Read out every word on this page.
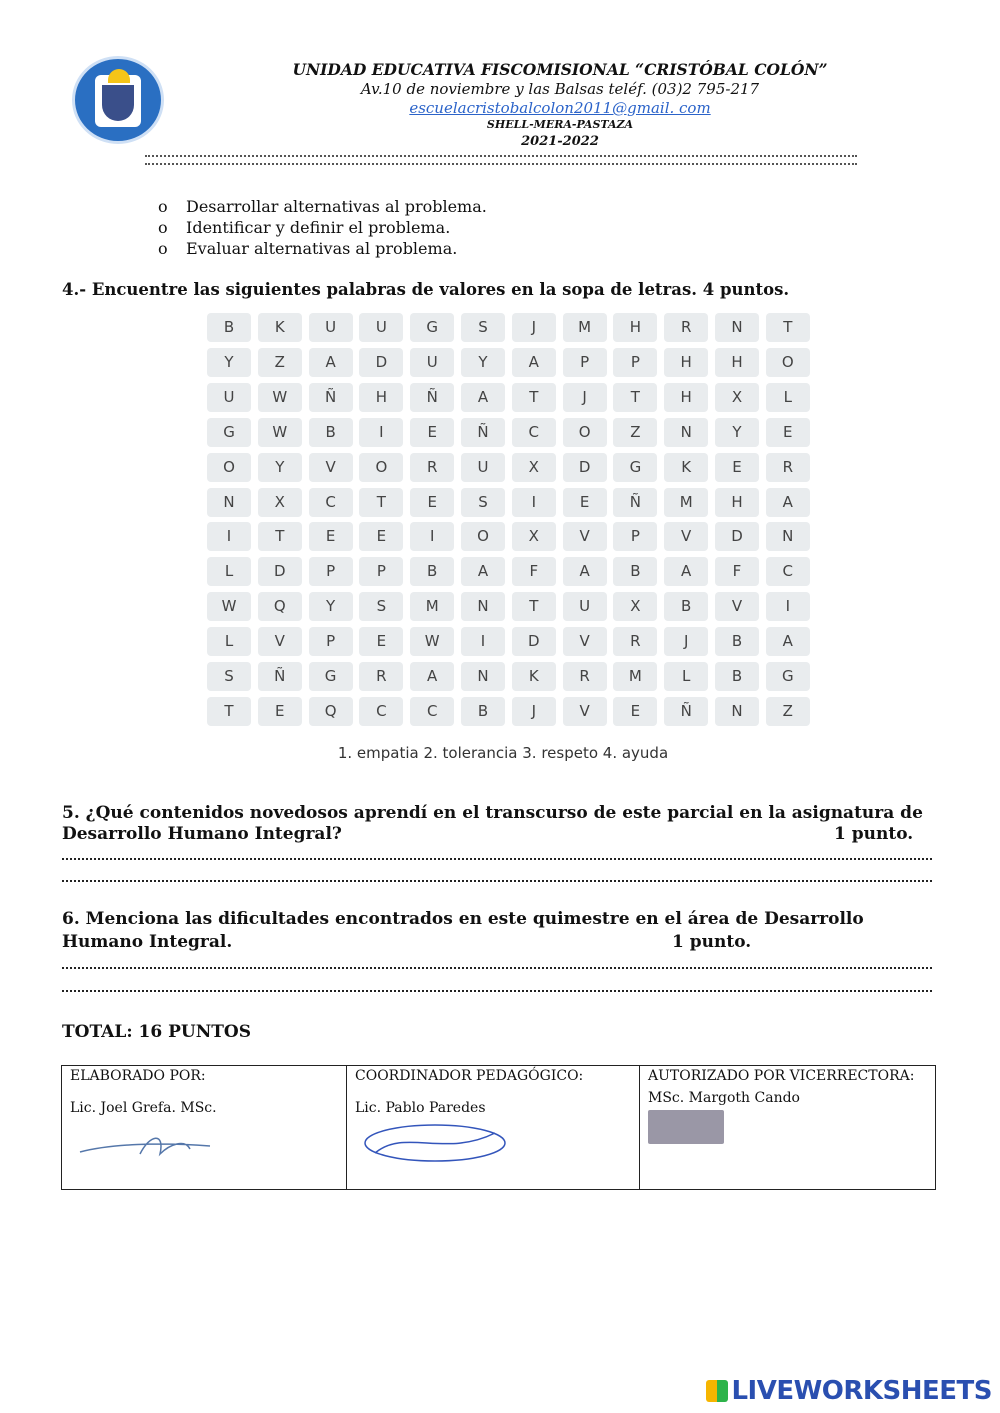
UNIDAD EDUCATIVA FISCOMISIONAL “CRISTÓBAL COLÓN”
Av.10 de noviembre y las Balsas teléf. (03)2 795-217
escuelacristobalcolon2011@gmail. com
SHELL-MERA-PASTAZA
2021-2022
o Desarrollar alternativas al problema.
o Identificar y definir el problema.
o Evaluar alternativas al problema.
4.- Encuentre las siguientes palabras de valores en la sopa de letras. 4 puntos.
B	K	U	U	G	S	J	M	H	R	N	T
Y	Z	A	D	U	Y	A	P	P	H	H	O
U	W	Ñ	H	Ñ	A	T	J	T	H	X	L
G	W	B	I	E	Ñ	C	O	Z	N	Y	E
O	Y	V	O	R	U	X	D	G	K	E	R
N	X	C	T	E	S	I	E	Ñ	M	H	A
I	T	E	E	I	O	X	V	P	V	D	N
L	D	P	P	B	A	F	A	B	A	F	C
W	Q	Y	S	M	N	T	U	X	B	V	I
L	V	P	E	W	I	D	V	R	J	B	A
S	Ñ	G	R	A	N	K	R	M	L	B	G
T	E	Q	C	C	B	J	V	E	Ñ	N	Z
1. empatia 2. tolerancia 3. respeto 4. ayuda
5. ¿Qué contenidos novedosos aprendí en el transcurso de este parcial en la asignatura de
Desarrollo Humano Integral?	1 punto.
6. Menciona las dificultades encontrados en este quimestre en el área de Desarrollo
Humano Integral.	1 punto.
TOTAL: 16 PUNTOS
ELABORADO POR:

Lic. Joel Grefa. MSc.

COORDINADOR PEDAGÓGICO:

Lic. Pablo Paredes

AUTORIZADO POR VICERRECTORA:
MSc. Margoth Cando
LIVEWORKSHEETS
